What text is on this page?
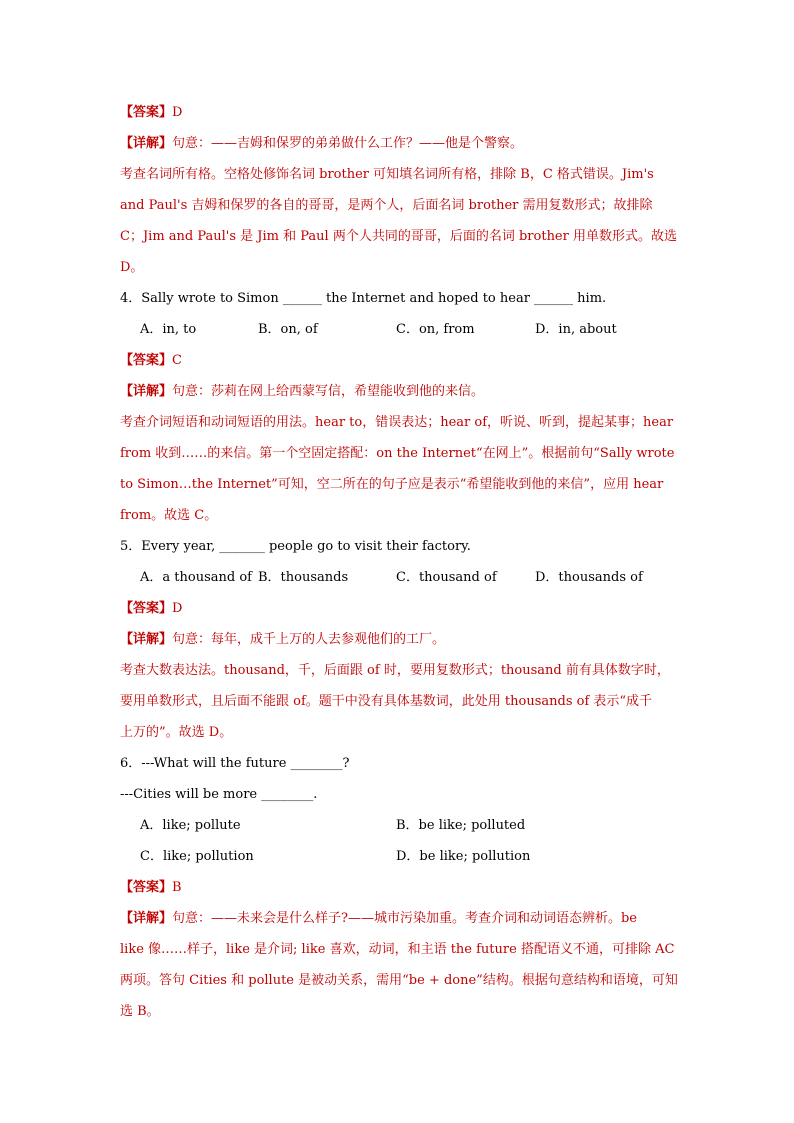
【答案】D
【详解】句意：——吉姆和保罗的弟弟做什么工作？——他是个警察。
考查名词所有格。空格处修饰名词 brother 可知填名词所有格，排除 B，C 格式错误。Jim's
and Paul's 吉姆和保罗的各自的哥哥，是两个人，后面名词 brother 需用复数形式；故排除
C；Jim and Paul's 是 Jim 和 Paul 两个人共同的哥哥，后面的名词 brother 用单数形式。故选
D。
4．Sally wrote to Simon ______ the Internet and hoped to hear ______ him.
A．in, to	B．on, of	C．on, from	D．in, about
【答案】C
【详解】句意：莎莉在网上给西蒙写信，希望能收到他的来信。
考查介词短语和动词短语的用法。hear to，错误表达；hear of，听说、听到，提起某事；hear
from 收到……的来信。第一个空固定搭配：on the Internet“在网上”。根据前句“Sally wrote
to Simon…the Internet”可知，空二所在的句子应是表示“希望能收到他的来信”，应用 hear
from。故选 C。
5．Every year, _______ people go to visit their factory.
A．a thousand of B．thousands	C．thousand of	D．thousands of
【答案】D
【详解】句意：每年，成千上万的人去参观他们的工厂。
考查大数表达法。thousand，千，后面跟 of 时，要用复数形式；thousand 前有具体数字时，
要用单数形式，且后面不能跟 of。题干中没有具体基数词，此处用 thousands of 表示“成千
上万的”。故选 D。
6．---What will the future ________?
---Cities will be more ________.
A．like; pollute	B．be like; polluted
C．like; pollution	D．be like; pollution
【答案】B
【详解】句意：——未来会是什么样子?——城市污染加重。考查介词和动词语态辨析。be
like 像……样子，like 是介词; like 喜欢，动词，和主语 the future 搭配语义不通，可排除 AC
两项。答句 Cities 和 pollute 是被动关系，需用“be + done”结构。根据句意结构和语境，可知
选 B。
